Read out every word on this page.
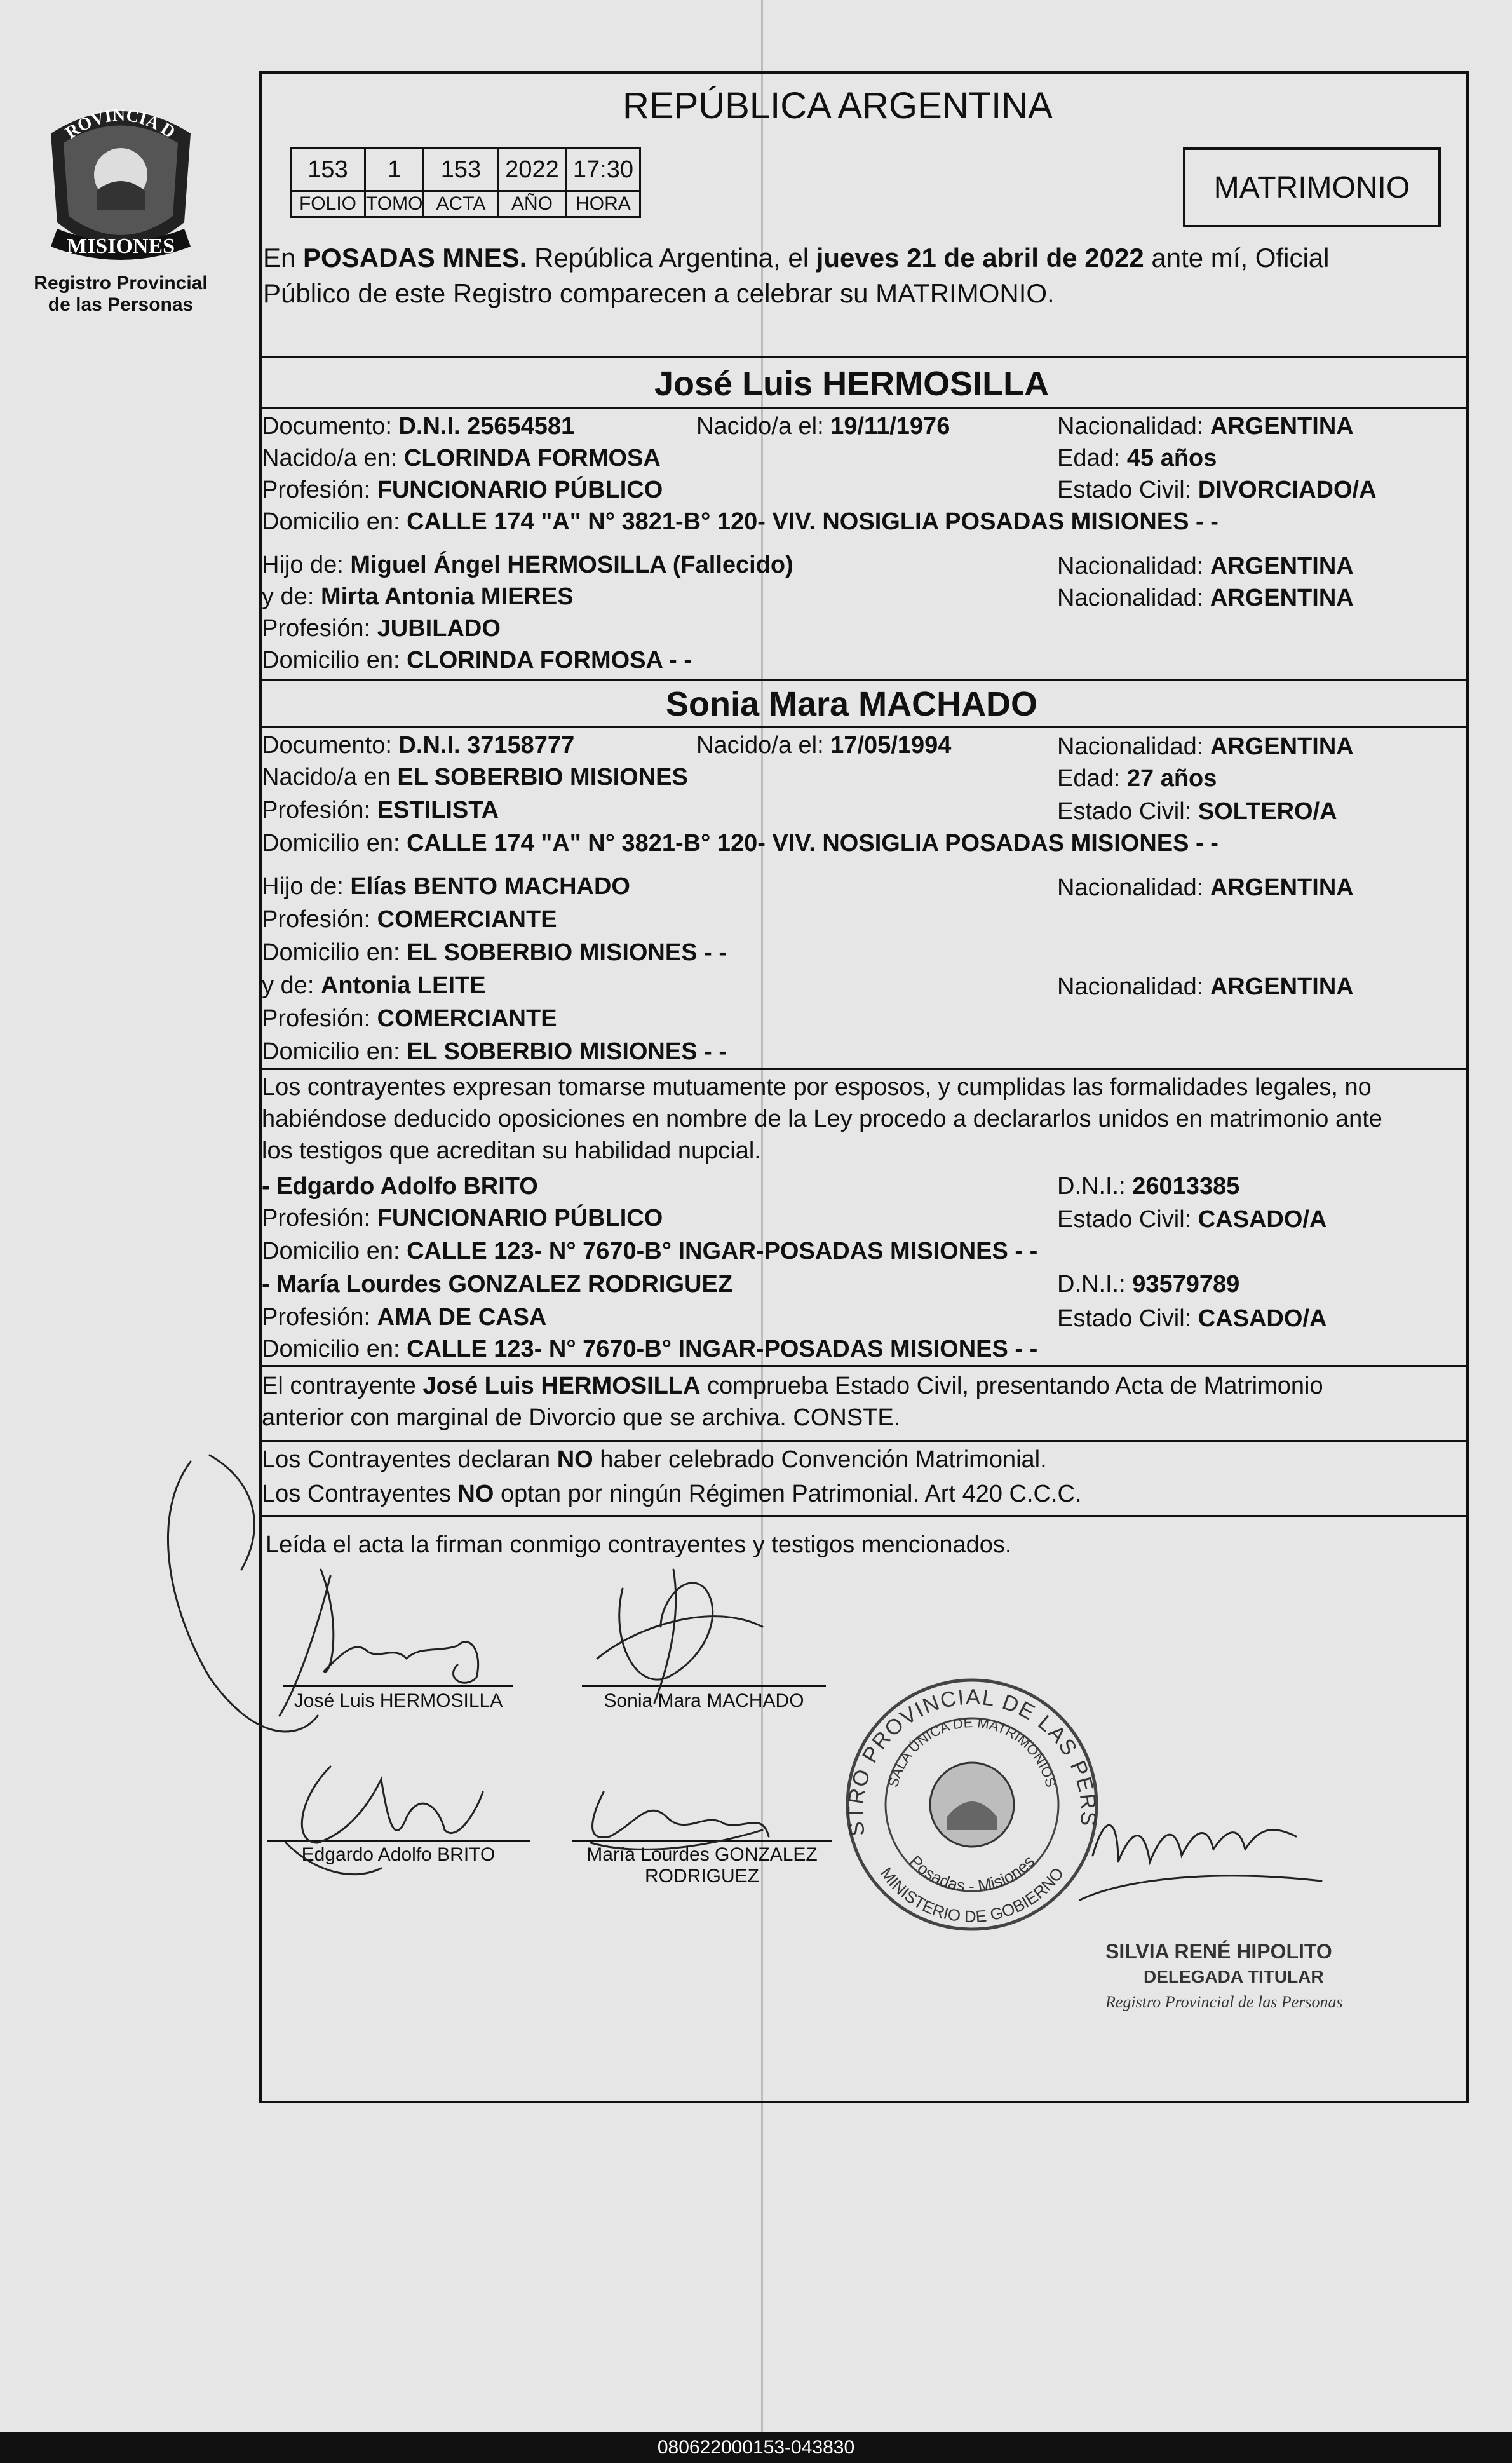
PROVINCIA DE
MISIONES
Registro Provincial
de las Personas
REPÚBLICA ARGENTINA
153	1	153	2022	17:30
FOLIO	TOMO	ACTA	AÑO	HORA	MATRIMONIO
En POSADAS MNES. República Argentina, el jueves 21 de abril de 2022 ante mí, Oficial
Público de este Registro comparecen a celebrar su MATRIMONIO.
José Luis HERMOSILLA
Documento: D.N.I. 25654581	Nacido/a el: 19/11/1976	Nacionalidad: ARGENTINA
Nacido/a en: CLORINDA FORMOSA	Edad: 45 años
Profesión: FUNCIONARIO PÚBLICO	Estado Civil: DIVORCIADO/A
Domicilio en: CALLE 174 "A" N° 3821-B° 120- VIV. NOSIGLIA POSADAS MISIONES - -
Hijo de: Miguel Ángel HERMOSILLA (Fallecido)	Nacionalidad: ARGENTINA
y de: Mirta Antonia MIERES	Nacionalidad: ARGENTINA
Profesión: JUBILADO
Domicilio en: CLORINDA FORMOSA - -
Sonia Mara MACHADO
Documento: D.N.I. 37158777	Nacido/a el: 17/05/1994	Nacionalidad: ARGENTINA
Nacido/a en EL SOBERBIO MISIONES	Edad: 27 años
Profesión: ESTILISTA	Estado Civil: SOLTERO/A
Domicilio en: CALLE 174 "A" N° 3821-B° 120- VIV. NOSIGLIA POSADAS MISIONES - -
Hijo de: Elías BENTO MACHADO	Nacionalidad: ARGENTINA
Profesión: COMERCIANTE
Domicilio en: EL SOBERBIO MISIONES - -
y de: Antonia LEITE	Nacionalidad: ARGENTINA
Profesión: COMERCIANTE
Domicilio en: EL SOBERBIO MISIONES - -
Los contrayentes expresan tomarse mutuamente por esposos, y cumplidas las formalidades legales, no
habiéndose deducido oposiciones en nombre de la Ley procedo a declararlos unidos en matrimonio ante
los testigos que acreditan su habilidad nupcial.
- Edgardo Adolfo BRITO	D.N.I.: 26013385
Profesión: FUNCIONARIO PÚBLICO	Estado Civil: CASADO/A
Domicilio en: CALLE 123- N° 7670-B° INGAR-POSADAS MISIONES - -
- María Lourdes GONZALEZ RODRIGUEZ	D.N.I.: 93579789
Profesión: AMA DE CASA	Estado Civil: CASADO/A
Domicilio en: CALLE 123- N° 7670-B° INGAR-POSADAS MISIONES - -
El contrayente José Luis HERMOSILLA comprueba Estado Civil, presentando Acta de Matrimonio
anterior con marginal de Divorcio que se archiva. CONSTE.
Los Contrayentes declaran NO haber celebrado Convención Matrimonial.
Los Contrayentes NO optan por ningún Régimen Patrimonial. Art 420 C.C.C.
Leída el acta la firman conmigo contrayentes y testigos mencionados.
José Luis HERMOSILLA	Sonia Mara MACHADO
Edgardo Adolfo BRITO	María Lourdes GONZALEZ
RODRIGUEZ
REGISTRO PROVINCIAL DE LAS PERSONAS
SALA ÚNICA DE MATRIMONIOS
Posadas - Misiones
MINISTERIO DE GOBIERNO
SILVIA RENÉ HIPOLITO
DELEGADA TITULAR
Registro Provincial de las Personas
080622000153-043830
